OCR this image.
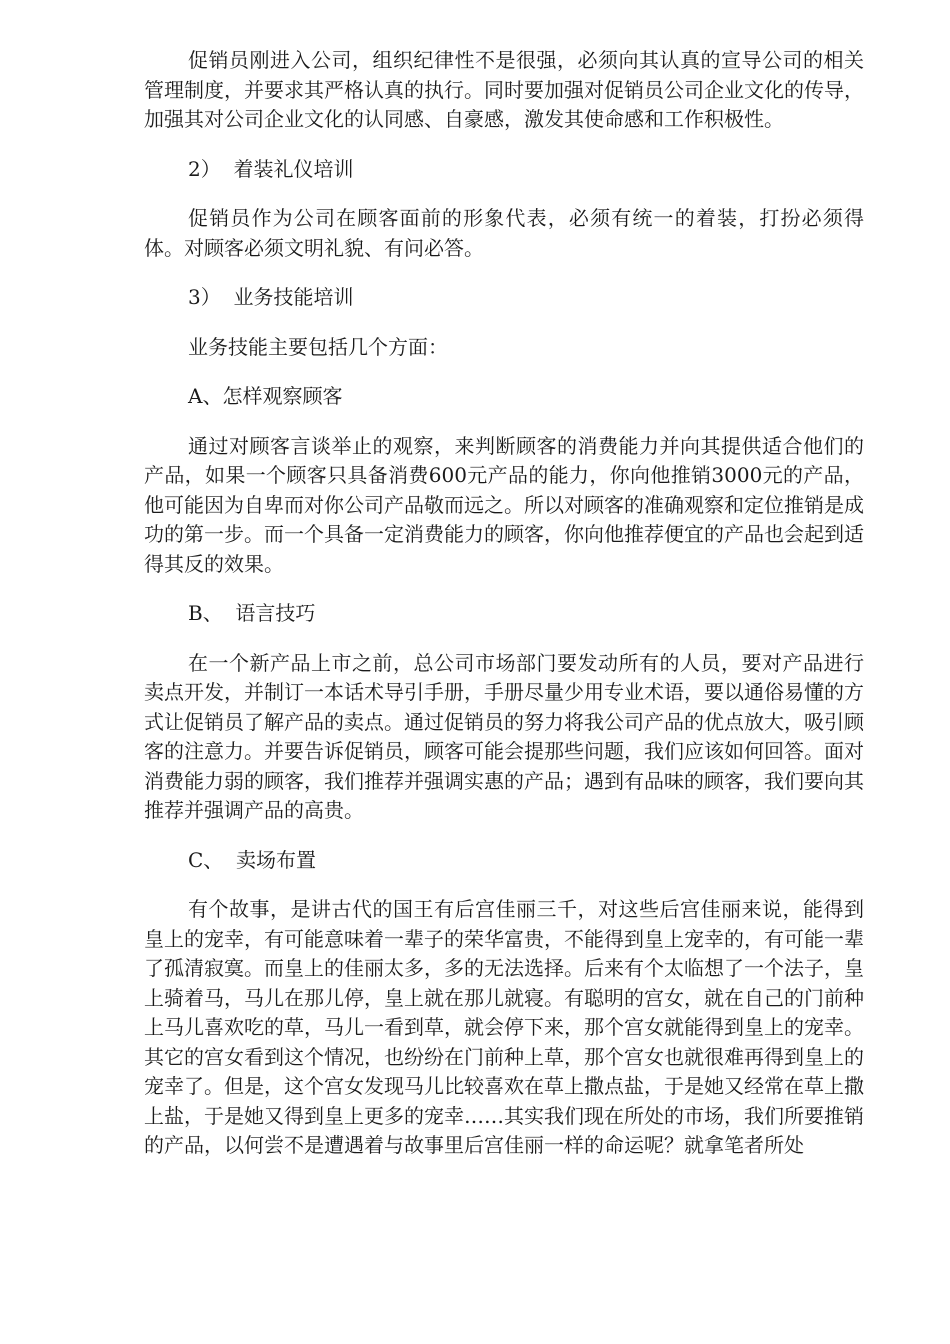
促销员刚进入公司，组织纪律性不是很强，必须向其认真的宣导公司的相关管理制度，并要求其严格认真的执行。同时要加强对促销员公司企业文化的传导，加强其对公司企业文化的认同感、自豪感，激发其使命感和工作积极性。

2）  着装礼仪培训

促销员作为公司在顾客面前的形象代表，必须有统一的着装，打扮必须得体。对顾客必须文明礼貌、有问必答。

3）  业务技能培训

业务技能主要包括几个方面：

A、怎样观察顾客

通过对顾客言谈举止的观察，来判断顾客的消费能力并向其提供适合他们的产品，如果一个顾客只具备消费600元产品的能力，你向他推销3000元的产品，他可能因为自卑而对你公司产品敬而远之。所以对顾客的准确观察和定位推销是成功的第一步。而一个具备一定消费能力的顾客，你向他推荐便宜的产品也会起到适得其反的效果。

B、  语言技巧

在一个新产品上市之前，总公司市场部门要发动所有的人员，要对产品进行卖点开发，并制订一本话术导引手册，手册尽量少用专业术语，要以通俗易懂的方式让促销员了解产品的卖点。通过促销员的努力将我公司产品的优点放大，吸引顾客的注意力。并要告诉促销员，顾客可能会提那些问题，我们应该如何回答。面对消费能力弱的顾客，我们推荐并强调实惠的产品；遇到有品味的顾客，我们要向其推荐并强调产品的高贵。

C、  卖场布置

有个故事，是讲古代的国王有后宫佳丽三千，对这些后宫佳丽来说，能得到皇上的宠幸，有可能意味着一辈子的荣华富贵，不能得到皇上宠幸的，有可能一辈了孤清寂寞。而皇上的佳丽太多，多的无法选择。后来有个太临想了一个法子，皇上骑着马，马儿在那儿停，皇上就在那儿就寝。有聪明的宫女，就在自己的门前种上马儿喜欢吃的草，马儿一看到草，就会停下来，那个宫女就能得到皇上的宠幸。其它的宫女看到这个情况，也纷纷在门前种上草，那个宫女也就很难再得到皇上的宠幸了。但是，这个宫女发现马儿比较喜欢在草上撒点盐，于是她又经常在草上撒上盐，于是她又得到皇上更多的宠幸……其实我们现在所处的市场，我们所要推销的产品，以何尝不是遭遇着与故事里后宫佳丽一样的命运呢？就拿笔者所处
